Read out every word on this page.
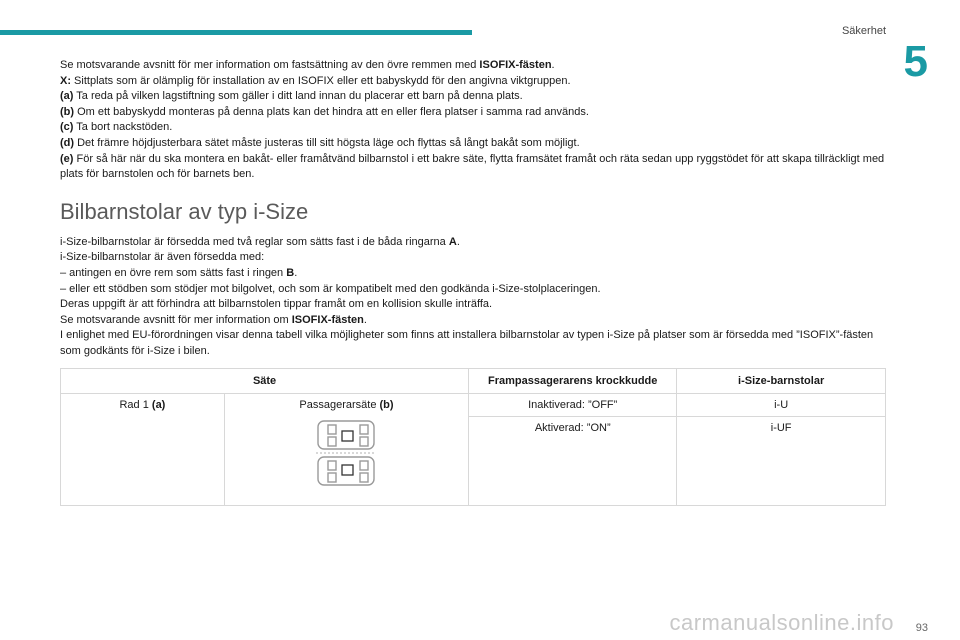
Säkerhet
5

Se motsvarande avsnitt för mer information om fastsättning av den övre remmen med ISOFIX-fästen.

X: Sittplats som är olämplig för installation av en ISOFIX eller ett babyskydd för den angivna viktgruppen.

(a) Ta reda på vilken lagstiftning som gäller i ditt land innan du placerar ett barn på denna plats.

(b) Om ett babyskydd monteras på denna plats kan det hindra att en eller flera platser i samma rad används.

(c) Ta bort nackstöden.

(d) Det främre höjdjusterbara sätet måste justeras till sitt högsta läge och flyttas så långt bakåt som möjligt.

(e) För så här när du ska montera en bakåt- eller framåtvänd bilbarnstol i ett bakre säte, flytta framsätet framåt och räta sedan upp ryggstödet för att skapa tillräckligt med plats för barnstolen och för barnets ben.

Bilbarnstolar av typ i-Size

i-Size-bilbarnstolar är försedda med två reglar som sätts fast i de båda ringarna A.

i-Size-bilbarnstolar är även försedda med:

– antingen en övre rem som sätts fast i ringen B.

– eller ett stödben som stödjer mot bilgolvet, och som är kompatibelt med den godkända i-Size-stolplaceringen.

Deras uppgift är att förhindra att bilbarnstolen tippar framåt om en kollision skulle inträffa.

Se motsvarande avsnitt för mer information om ISOFIX-fästen.

I enlighet med EU-förordningen visar denna tabell vilka möjligheter som finns att installera bilbarnstolar av typen i-Size på platser som är försedda med ”ISOFIX”-fästen som godkänts för i-Size i bilen.

Säte		Frampassagerarens krockkudde	i-Size-barnstolar
Rad 1 (a)	Passagerarsäte (b)	Inaktiverad: ”OFF”	i-U
		Aktiverad: ”ON”	i-UF
carmanualsonline.info 93
